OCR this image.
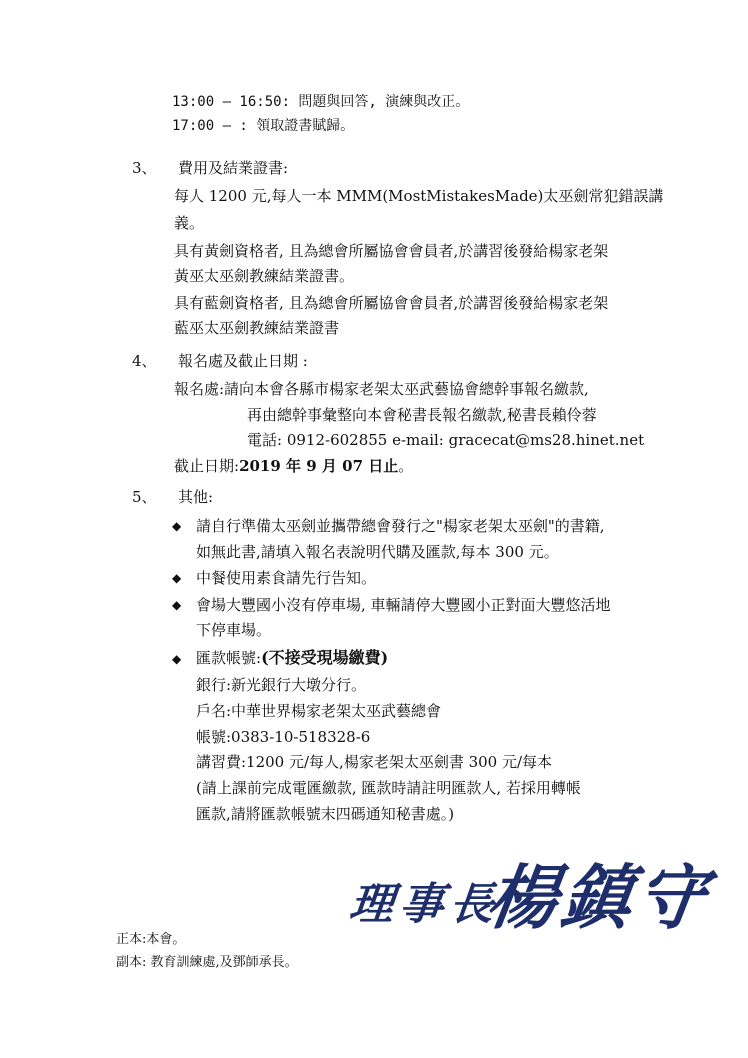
13:00 – 16:50: 問題與回答, 演練與改正。
17:00 – : 領取證書賦歸。
3、 費用及結業證書:
每人 1200 元,每人一本 MMM(MostMistakesMade)太巫劍常犯錯誤講
義。
具有黃劍資格者, 且為總會所屬協會會員者,於講習後發給楊家老架
黃巫太巫劍教練結業證書。
具有藍劍資格者, 且為總會所屬協會會員者,於講習後發給楊家老架
藍巫太巫劍教練結業證書
4、 報名處及截止日期 :
報名處:請向本會各縣市楊家老架太巫武藝協會總幹事報名繳款,
再由總幹事彙整向本會秘書長報名繳款,秘書長賴伶蓉
電話: 0912-602855 e-mail: gracecat@ms28.hinet.net
截止日期:2019 年 9 月 07 日止。
5、 其他:
◆ 請自行準備太巫劍並攜帶總會發行之"楊家老架太巫劍"的書籍,
如無此書,請填入報名表說明代購及匯款,每本 300 元。
◆ 中餐使用素食請先行告知。
◆ 會場大豐國小沒有停車場, 車輛請停大豐國小正對面大豐悠活地
下停車場。
◆ 匯款帳號:(不接受現場繳費)
銀行:新光銀行大墩分行。
戶名:中華世界楊家老架太巫武藝總會
帳號:0383-10-518328-6
講習費:1200 元/每人,楊家老架太巫劍書 300 元/每本
(請上課前完成電匯繳款, 匯款時請註明匯款人, 若採用轉帳
匯款,請將匯款帳號末四碼通知秘書處。)
理事長
楊鎮守
正本:本會。
副本: 教育訓練處,及鄧師承長。
